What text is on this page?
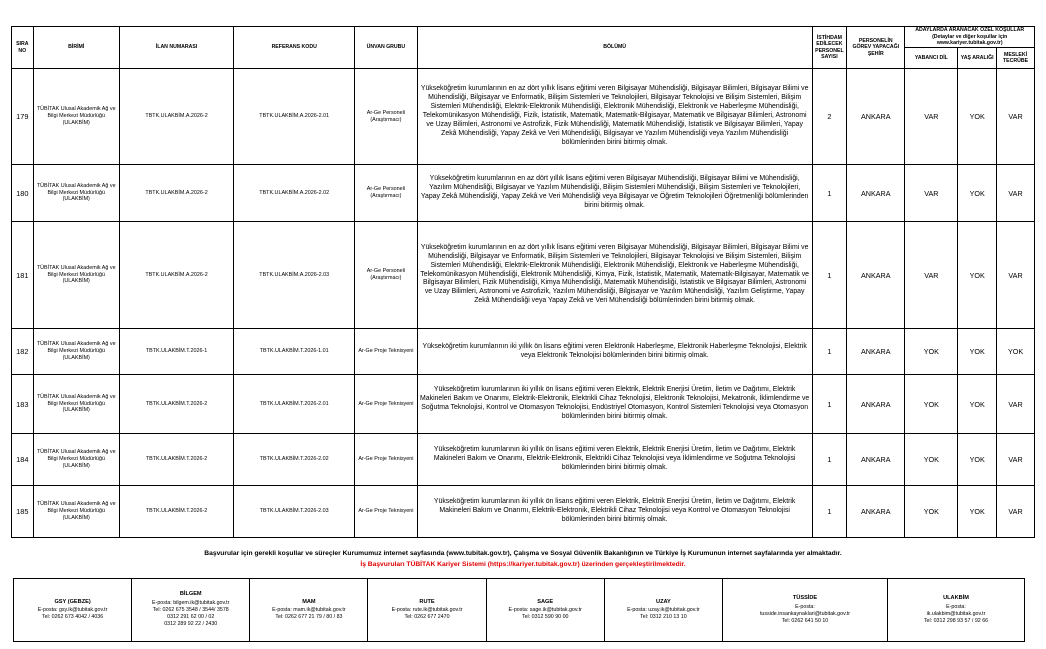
SIRA NO	BİRİMİ	İLAN NUMARASI	REFERANS KODU	ÜNVAN GRUBU	BÖLÜMÜ	İSTİHDAM EDİLECEK PERSONEL SAYISI	PERSONELİN GÖREV YAPACAĞI ŞEHİR	ADAYLARDA ARANACAK ÖZEL KOŞULLAR (Detaylar ve diğer koşullar için www.kariyer.tubitak.gov.tr)		
								YABANCI DİL	YAŞ ARALIĞI	MESLEKİ TECRÜBE
179	TÜBİTAK Ulusal Akademik Ağ ve Bilgi Merkezi Müdürlüğü (ULAKBİM)	TBTK.ULAKBİM.A.2026-2	TBTK.ULAKBİM.A.2026-2.01	Ar-Ge Personeli (Araştırmacı)	Yükseköğretim kurumlarının en az dört yıllık lisans eğitimi veren Bilgisayar Mühendisliği, Bilgisayar Bilimleri, Bilgisayar Bilimi ve Mühendisliği, Bilgisayar ve Enformatik, Bilişim Sistemleri ve Teknolojileri, Bilgisayar Teknolojisi ve Bilişim Sistemleri, Bilişim Sistemleri Mühendisliği, Elektrik-Elektronik Mühendisliği, Elektronik Mühendisliği, Elektronik ve Haberleşme Mühendisliği, Telekomünikasyon Mühendisliği, Fizik, İstatistik, Matematik, Matematik-Bilgisayar, Matematik ve Bilgisayar Bilimleri, Astronomi ve Uzay Bilimleri, Astronomi ve Astrofizik, Fizik Mühendisliği, Matematik Mühendisliği, İstatistik ve Bilgisayar Bilimleri, Yapay Zekâ Mühendisliği, Yapay Zekâ ve Veri Mühendisliği, Bilgisayar ve Yazılım Mühendisliği veya Yazılım Mühendisliği bölümlerinden birini bitirmiş olmak.	2	ANKARA	VAR	YOK	VAR
180	TÜBİTAK Ulusal Akademik Ağ ve Bilgi Merkezi Müdürlüğü (ULAKBİM)	TBTK.ULAKBİM.A.2026-2	TBTK.ULAKBİM.A.2026-2.02	Ar-Ge Personeli (Araştırmacı)	Yükseköğretim kurumlarının en az dört yıllık lisans eğitimi veren Bilgisayar Mühendisliği, Bilgisayar Bilimi ve Mühendisliği, Yazılım Mühendisliği, Bilgisayar ve Yazılım Mühendisliği, Bilişim Sistemleri Mühendisliği, Bilişim Sistemleri ve Teknolojileri, Yapay Zekâ Mühendisliği, Yapay Zekâ ve Veri Mühendisliği veya Bilgisayar ve Öğretim Teknolojileri Öğretmenliği bölümlerinden birini bitirmiş olmak.	1	ANKARA	VAR	YOK	VAR
181	TÜBİTAK Ulusal Akademik Ağ ve Bilgi Merkezi Müdürlüğü (ULAKBİM)	TBTK.ULAKBİM.A.2026-2	TBTK.ULAKBİM.A.2026-2.03	Ar-Ge Personeli (Araştırmacı)	Yükseköğretim kurumlarının en az dört yıllık lisans eğitimi veren Bilgisayar Mühendisliği, Bilgisayar Bilimleri, Bilgisayar Bilimi ve Mühendisliği, Bilgisayar ve Enformatik, Bilişim Sistemleri ve Teknolojileri, Bilgisayar Teknolojisi ve Bilişim Sistemleri, Bilişim Sistemleri Mühendisliği, Elektrik-Elektronik Mühendisliği, Elektronik Mühendisliği, Elektronik ve Haberleşme Mühendisliği, Telekomünikasyon Mühendisliği, Elektronik Mühendisliği, Kimya, Fizik, İstatistik, Matematik, Matematik-Bilgisayar, Matematik ve Bilgisayar Bilimleri, Fizik Mühendisliği, Kimya Mühendisliği, Matematik Mühendisliği, İstatistik ve Bilgisayar Bilimleri, Astronomi ve Uzay Bilimleri, Astronomi ve Astrofizik, Yazılım Mühendisliği, Bilgisayar ve Yazılım Mühendisliği, Yazılım Geliştirme, Yapay Zekâ Mühendisliği veya Yapay Zekâ ve Veri Mühendisliği bölümlerinden birini bitirmiş olmak.	1	ANKARA	VAR	YOK	VAR
182	TÜBİTAK Ulusal Akademik Ağ ve Bilgi Merkezi Müdürlüğü (ULAKBİM)	TBTK.ULAKBİM.T.2026-1	TBTK.ULAKBİM.T.2026-1.01	Ar-Ge Proje Teknisyeni	Yükseköğretim kurumlarının iki yıllık ön lisans eğitimi veren Elektronik Haberleşme, Elektronik Haberleşme Teknolojisi, Elektrik veya Elektronik Teknolojisi bölümlerinden birini bitirmiş olmak.	1	ANKARA	YOK	YOK	YOK
183	TÜBİTAK Ulusal Akademik Ağ ve Bilgi Merkezi Müdürlüğü (ULAKBİM)	TBTK.ULAKBİM.T.2026-2	TBTK.ULAKBİM.T.2026-2.01	Ar-Ge Proje Teknisyeni	Yükseköğretim kurumlarının iki yıllık ön lisans eğitimi veren Elektrik, Elektrik Enerjisi Üretim, İletim ve Dağıtımı, Elektrik Makineleri Bakım ve Onarımı, Elektrik-Elektronik, Elektrikli Cihaz Teknolojisi, Elektronik Teknolojisi, Mekatronik, İklimlendirme ve Soğutma Teknolojisi, Kontrol ve Otomasyon Teknolojisi, Endüstriyel Otomasyon, Kontrol Sistemleri Teknolojisi veya Otomasyon bölümlerinden birini bitirmiş olmak.	1	ANKARA	YOK	YOK	VAR
184	TÜBİTAK Ulusal Akademik Ağ ve Bilgi Merkezi Müdürlüğü (ULAKBİM)	TBTK.ULAKBİM.T.2026-2	TBTK.ULAKBİM.T.2026-2.02	Ar-Ge Proje Teknisyeni	Yükseköğretim kurumlarının iki yıllık ön lisans eğitimi veren Elektrik, Elektrik Enerjisi Üretim, İletim ve Dağıtımı, Elektrik Makineleri Bakım ve Onarımı, Elektrik-Elektronik, Elektrikli Cihaz Teknolojisi veya İklimlendirme ve Soğutma Teknolojisi bölümlerinden birini bitirmiş olmak.	1	ANKARA	YOK	YOK	VAR
185	TÜBİTAK Ulusal Akademik Ağ ve Bilgi Merkezi Müdürlüğü (ULAKBİM)	TBTK.ULAKBİM.T.2026-2	TBTK.ULAKBİM.T.2026-2.03	Ar-Ge Proje Teknisyeni	Yükseköğretim kurumlarının iki yıllık ön lisans eğitimi veren Elektrik, Elektrik Enerjisi Üretim, İletim ve Dağıtımı, Elektrik Makineleri Bakım ve Onarımı, Elektrik-Elektronik, Elektrikli Cihaz Teknolojisi veya Kontrol ve Otomasyon Teknolojisi bölümlerinden birini bitirmiş olmak.	1	ANKARA	YOK	YOK	VAR
Başvurular için gerekli koşullar ve süreçler Kurumumuz internet sayfasında (www.tubitak.gov.tr), Çalışma ve Sosyal Güvenlik Bakanlığının ve Türkiye İş Kurumunun internet sayfalarında yer almaktadır.
İş Başvuruları TÜBİTAK Kariyer Sistemi (https://kariyer.tubitak.gov.tr) üzerinden gerçekleştirilmektedir.
GSY (GEBZE)
E-posta: gsy.ik@tubitak.gov.tr
Tel: 0262 673 4042 / 4036

BİLGEM
E-posta: bilgem.ik@tubitak.gov.tr
Tel: 0262 675 3548 / 3544/ 3578
0312 291 62 00 / 02
0312 289 92 22 / 2430

MAM
E-posta: mam.ik@tubitak.gov.tr
Tel: 0262 677 21 79 / 80 / 83

RUTE
E-posta: rute.ik@tubitak.gov.tr
Tel: 0262 677 2470

SAGE
E-posta: sage.ik@tubitak.gov.tr
Tel: 0312 590 90 00

UZAY
E-posta: uzay.ik@tubitak.gov.tr
Tel: 0312 210 13 10

TÜSSİDE
E-posta:
tusside.insankaynaklari@tubitak.gov.tr
Tel: 0262 641 50 10

ULAKBİM
E-posta:
ik.ulakbim@tubitak.gov.tr
Tel: 0312 298 93 57 / 92 66
